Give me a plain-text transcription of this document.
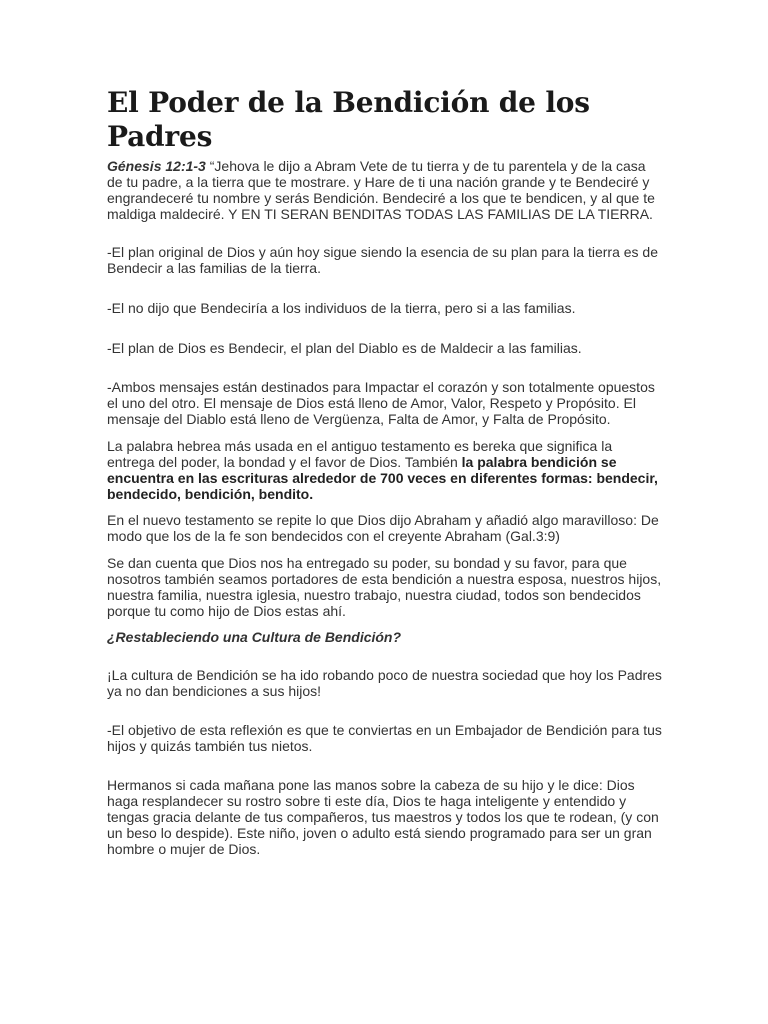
El Poder de la Bendición de los Padres

Génesis 12:1-3 “Jehova le dijo a Abram Vete de tu tierra y de tu parentela y de la casa de tu padre, a la tierra que te mostrare. y Hare de ti una nación grande y te Bendeciré y engrandeceré tu nombre y serás Bendición. Bendeciré a los que te bendicen, y al que te maldiga maldeciré. Y EN TI SERAN BENDITAS TODAS LAS FAMILIAS DE LA TIERRA.

-El plan original de Dios y aún hoy sigue siendo la esencia de su plan para la tierra es de Bendecir a las familias de la tierra.

-El no dijo que Bendeciría a los individuos de la tierra, pero si a las familias.

-El plan de Dios es Bendecir, el plan del Diablo es de Maldecir a las familias.

-Ambos mensajes están destinados para Impactar el corazón y son totalmente opuestos el uno del otro. El mensaje de Dios está lleno de Amor, Valor, Respeto y Propósito. El mensaje del Diablo está lleno de Vergüenza, Falta de Amor, y Falta de Propósito.

La palabra hebrea más usada en el antiguo testamento es bereka que significa la entrega del poder, la bondad y el favor de Dios. También la palabra bendición se encuentra en las escrituras alrededor de 700 veces en diferentes formas: bendecir, bendecido, bendición, bendito.

En el nuevo testamento se repite lo que Dios dijo Abraham y añadió algo maravilloso: De modo que los de la fe son bendecidos con el creyente Abraham (Gal.3:9)

Se dan cuenta que Dios nos ha entregado su poder, su bondad y su favor, para que nosotros también seamos portadores de esta bendición a nuestra esposa, nuestros hijos, nuestra familia, nuestra iglesia, nuestro trabajo, nuestra ciudad, todos son bendecidos porque tu como hijo de Dios estas ahí.

¿Restableciendo una Cultura de Bendición?

¡La cultura de Bendición se ha ido robando poco de nuestra sociedad que hoy los Padres ya no dan bendiciones a sus hijos!

-El objetivo de esta reflexión es que te conviertas en un Embajador de Bendición para tus hijos y quizás también tus nietos.

Hermanos si cada mañana pone las manos sobre la cabeza de su hijo y le dice: Dios haga resplandecer su rostro sobre ti este día, Dios te haga inteligente y entendido y tengas gracia delante de tus compañeros, tus maestros y todos los que te rodean, (y con un beso lo despide). Este niño, joven o adulto está siendo programado para ser un gran hombre o mujer de Dios.
